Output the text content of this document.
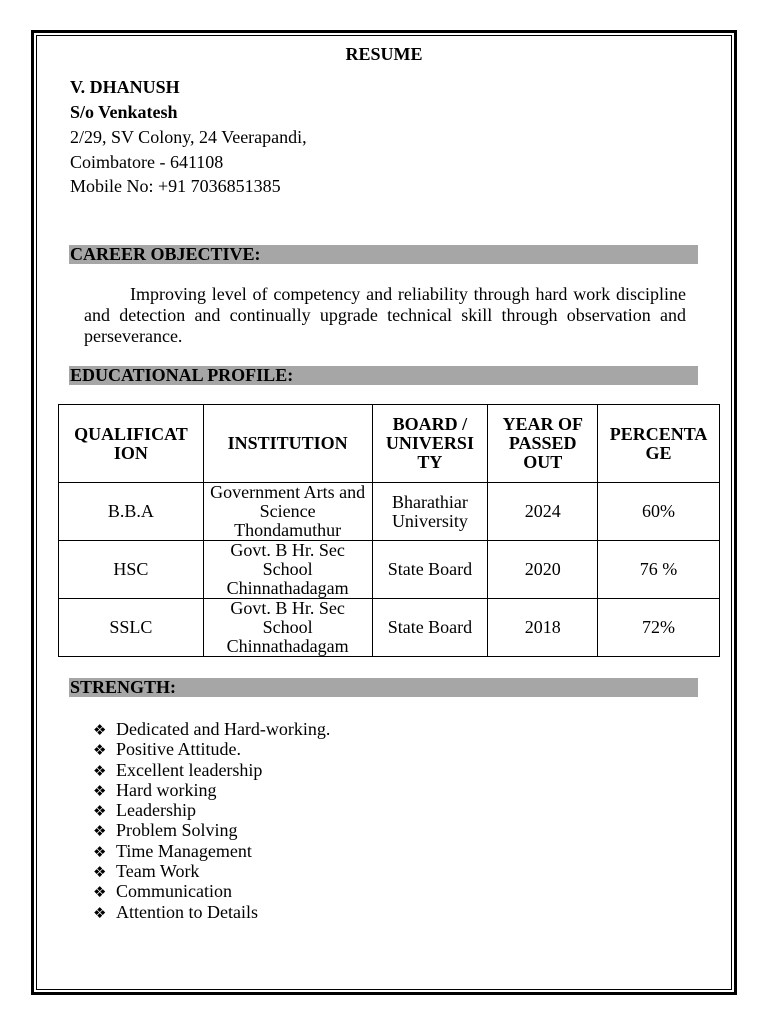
RESUME
V. DHANUSH
S/o Venkatesh
2/29, SV Colony, 24 Veerapandi,
Coimbatore - 641108
Mobile No: +91 7036851385
CAREER OBJECTIVE:
Improving level of competency and reliability through hard work discipline and detection and continually upgrade technical skill through observation and perseverance.
EDUCATIONAL PROFILE:
QUALIFICAT ION	INSTITUTION	BOARD / UNIVERSI TY	YEAR OF PASSED OUT	PERCENTA GE
B.B.A	Government Arts and Science Thondamuthur	Bharathiar University	2024	60%
HSC	Govt. B Hr. Sec School Chinnathadagam	State Board	2020	76 %
SSLC	Govt. B Hr. Sec School Chinnathadagam	State Board	2018	72%
STRENGTH:
❖ Dedicated and Hard-working.
❖ Positive Attitude.
❖ Excellent leadership
❖ Hard working
❖ Leadership
❖ Problem Solving
❖ Time Management
❖ Team Work
❖ Communication
❖ Attention to Details
